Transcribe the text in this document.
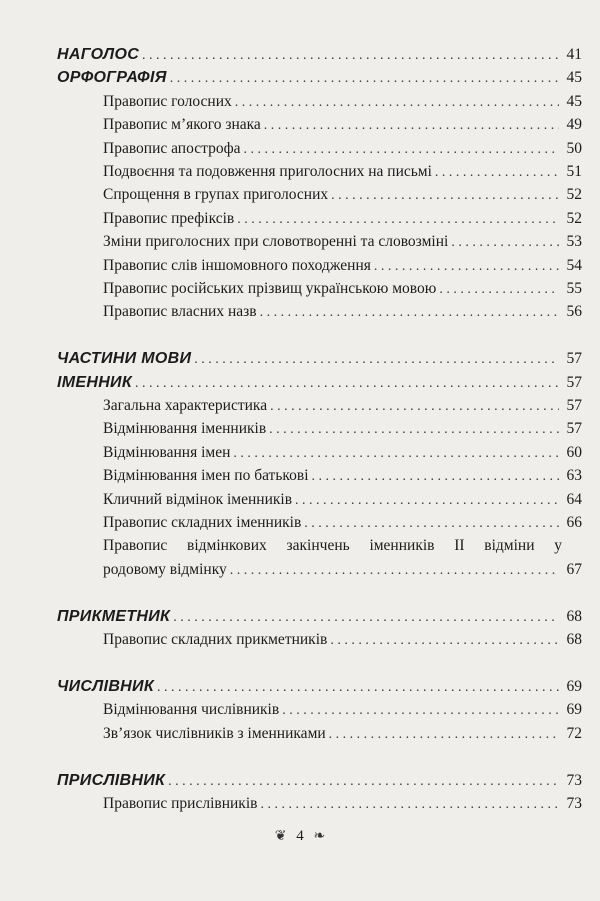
НАГОЛОС . . .	41
ОРФОГРАФІЯ . . .	45
Правопис голосних . . .	45
Правопис м’якого знака . . .	49
Правопис апострофа . . .	50
Подвоєння та подовження приголосних на письмі . . .	51
Спрощення в групах приголосних . . .	52
Правопис префіксів . . .	52
Зміни приголосних при словотворенні та словозміні . . .	53
Правопис слів іншомовного походження . . .	54
Правопис російських прізвищ українською мовою . . .	55
Правопис власних назв . . .	56
ЧАСТИНИ МОВИ . . .	57
ІМЕННИК . . .	57
Загальна характеристика . . .	57
Відмінювання іменників . . .	57
Відмінювання імен . . .	60
Відмінювання імен по батькові . . .	63
Кличний відмінок іменників . . .	64
Правопис складних іменників . . .	66
Правопис відмінкових закінчень іменників II відміни у
родовому відмінку . . .	67
ПРИКМЕТНИК . . .	68
Правопис складних прикметників . . .	68
ЧИСЛІВНИК . . .	69
Відмінювання числівників . . .	69
Зв’язок числівників з іменниками . . .	72
ПРИСЛІВНИК . . .	73
Правопис прислівників . . .	73
❦ 4 ❧
